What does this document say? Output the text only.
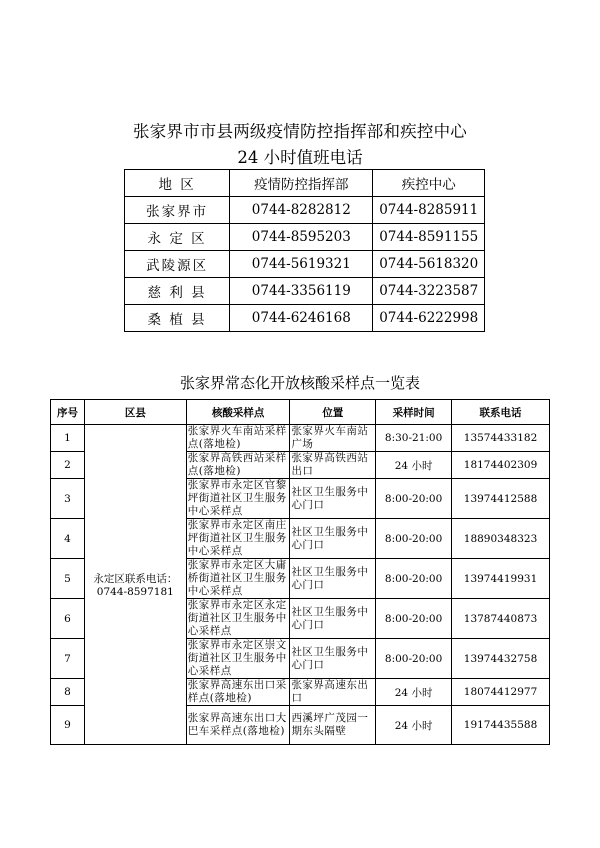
张家界市市县两级疫情防控指挥部和疾控中心
24 小时值班电话
地 区	疫情防控指挥部	疾控中心
张家界市	0744-8282812	0744-8285911
永 定 区	0744-8595203	0744-8591155
武陵源区	0744-5619321	0744-5618320
慈 利 县	0744-3356119	0744-3223587
桑 植 县	0744-6246168	0744-6222998
张家界常态化开放核酸采样点一览表
序号	区县	核酸采样点	位置	采样时间	联系电话
1	永定区联系电话：0744-8597181	张家界火车南站采样点(落地检)	张家界火车南站广场	8:30-21:00	13574433182
2		张家界高铁西站采样点(落地检)	张家界高铁西站出口	24 小时	18174402309
3		张家界市永定区官黎坪街道社区卫生服务中心采样点	社区卫生服务中心门口	8:00-20:00	13974412588
4		张家界市永定区南庄坪街道社区卫生服务中心采样点	社区卫生服务中心门口	8:00-20:00	18890348323
5		张家界市永定区大庸桥街道社区卫生服务中心采样点	社区卫生服务中心门口	8:00-20:00	13974419931
6		张家界市永定区永定街道社区卫生服务中心采样点	社区卫生服务中心门口	8:00-20:00	13787440873
7		张家界市永定区崇文街道社区卫生服务中心采样点	社区卫生服务中心门口	8:00-20:00	13974432758
8		张家界高速东出口采样点(落地检)	张家界高速东出口	24 小时	18074412977
9		张家界高速东出口大巴车采样点(落地检)	西溪坪广茂园一期东头隔壁	24 小时	19174435588
